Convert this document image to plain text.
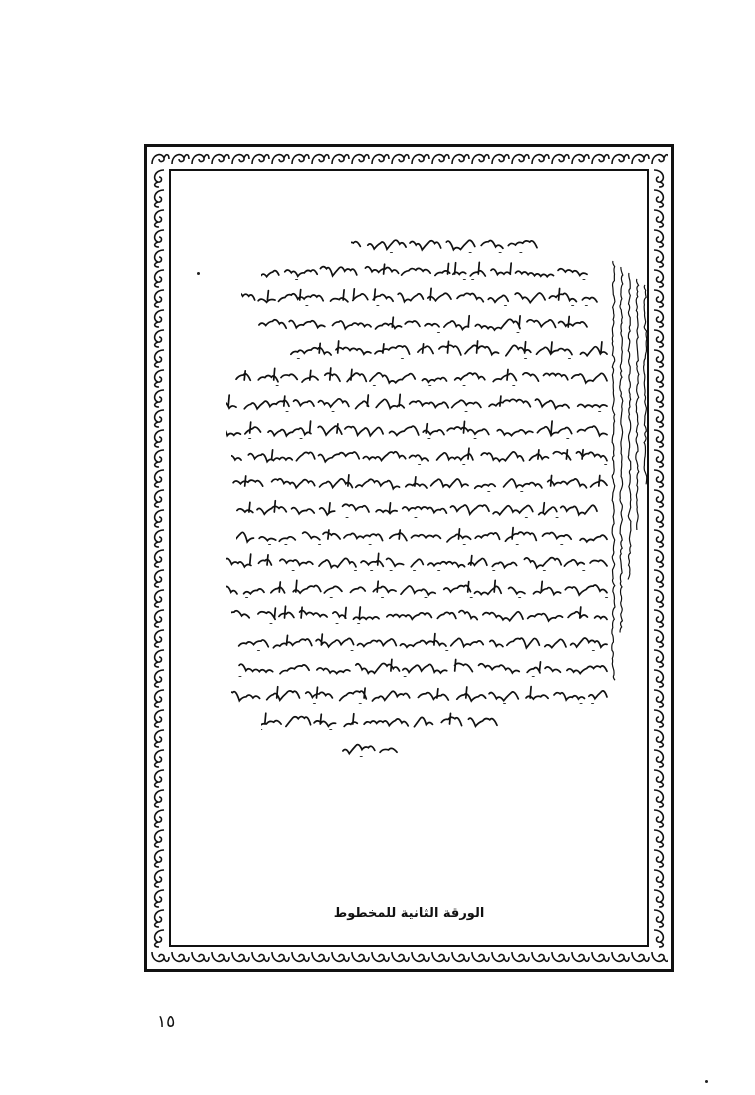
الورقة الثانية للمخطوط
١٥
